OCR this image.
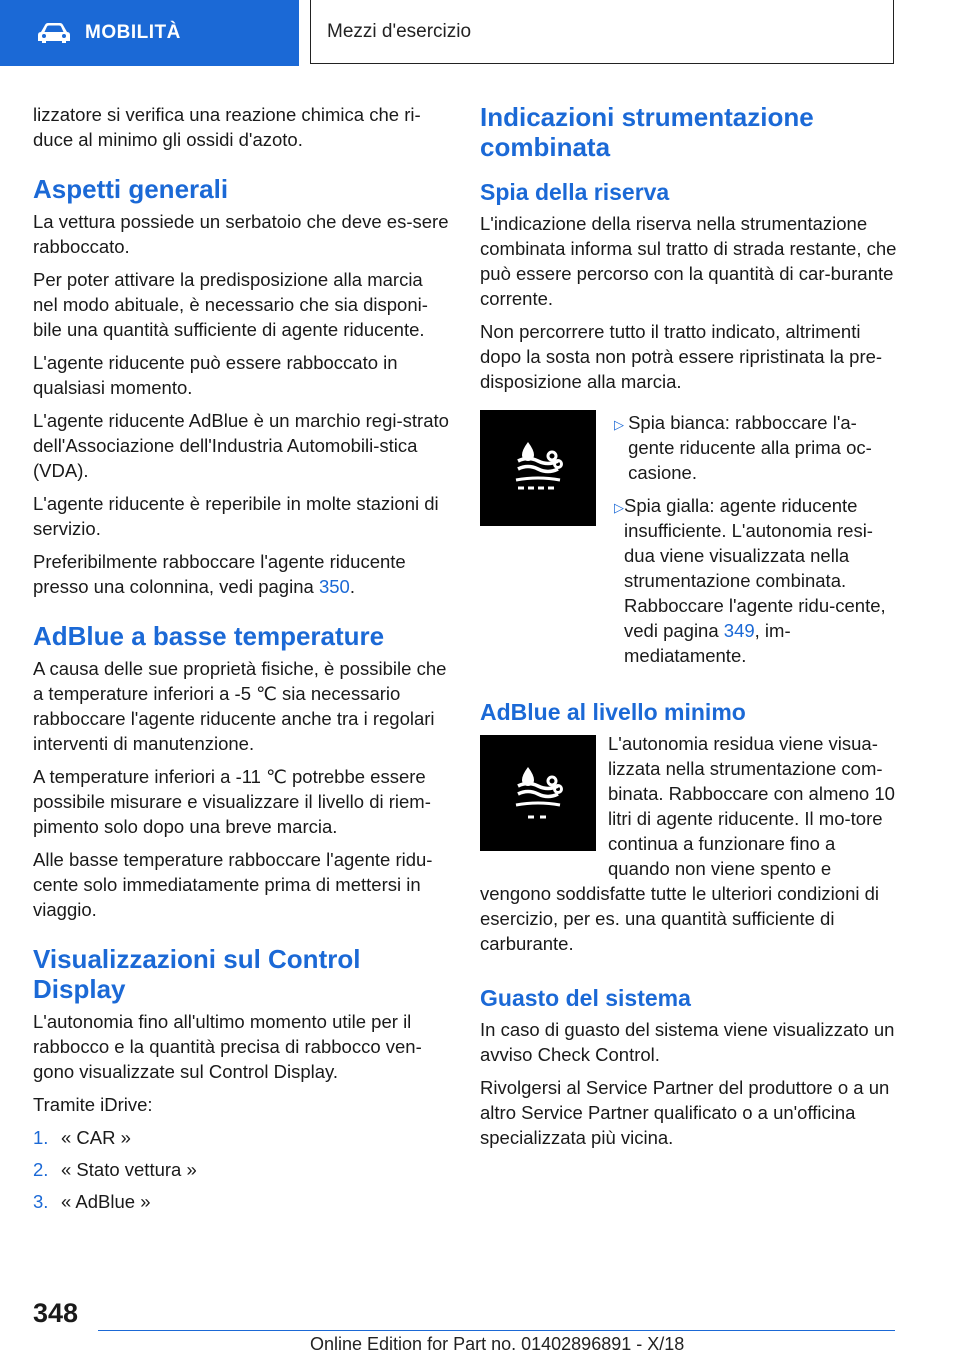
MOBILITÀ	Mezzi d'esercizio

lizzatore si verifica una reazione chimica che ri-duce al minimo gli ossidi d'azoto.

Aspetti generali

La vettura possiede un serbatoio che deve es-sere rabboccato.

Per poter attivare la predisposizione alla marcia nel modo abituale, è necessario che sia disponi-bile una quantità sufficiente di agente riducente.

L'agente riducente può essere rabboccato in qualsiasi momento.

L'agente riducente AdBlue è un marchio regi-strato dell'Associazione dell'Industria Automobili-stica (VDA).

L'agente riducente è reperibile in molte stazioni di servizio.

Preferibilmente rabboccare l'agente riducente presso una colonnina, vedi pagina 350.

AdBlue a basse temperature

A causa delle sue proprietà fisiche, è possibile che a temperature inferiori a -5 ℃ sia necessario rabboccare l'agente riducente anche tra i regolari interventi di manutenzione.

A temperature inferiori a -11 ℃ potrebbe essere possibile misurare e visualizzare il livello di riem-pimento solo dopo una breve marcia.

Alle basse temperature rabboccare l'agente ridu-cente solo immediatamente prima di mettersi in viaggio.

Visualizzazioni sul Control Display

L'autonomia fino all'ultimo momento utile per il rabbocco e la quantità precisa di rabbocco ven-gono visualizzate sul Control Display.

Tramite iDrive:

1. « CAR »
2. « Stato vettura »
3. « AdBlue »
Indicazioni strumentazione combinata
Spia della riserva

L'indicazione della riserva nella strumentazione combinata informa sul tratto di strada restante, che può essere percorso con la quantità di car-burante corrente.

Non percorrere tutto il tratto indicato, altrimenti dopo la sosta non potrà essere ripristinata la pre-disposizione alla marcia.

▷ Spia bianca: rabboccare l'a-gente riducente alla prima oc-casione.
▷ Spia gialla: agente riducente insufficiente. L'autonomia resi-dua viene visualizzata nella strumentazione combinata. Rabboccare l'agente ridu-cente, vedi pagina 349, im-mediatamente.
AdBlue al livello minimo

L'autonomia residua viene visua-lizzata nella strumentazione com-binata. Rabboccare con almeno 10 litri di agente riducente. Il mo-tore continua a funzionare fino a quando non viene spento e vengono soddisfatte tutte le ulteriori condizioni di esercizio, per es. una quantità sufficiente di carburante.

Guasto del sistema

In caso di guasto del sistema viene visualizzato un avviso Check Control.

Rivolgersi al Service Partner del produttore o a un altro Service Partner qualificato o a un'officina specializzata più vicina.

348
Online Edition for Part no. 01402896891 - X/18
